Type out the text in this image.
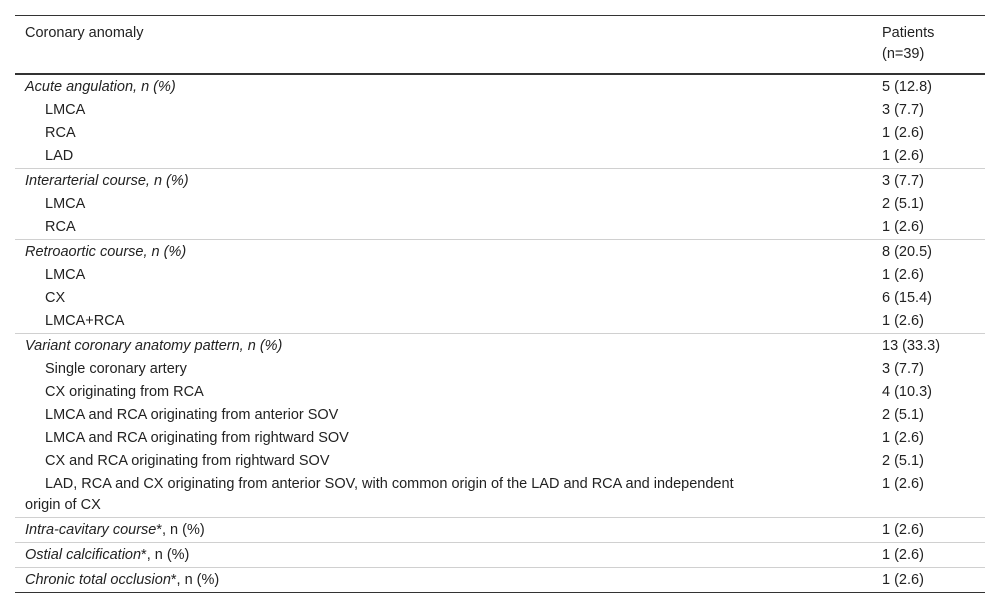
Coronary anomaly	Patients
(n=39)
Acute angulation, n (%)	5 (12.8)

LMCA	3 (7.7)

RCA	1 (2.6)

LAD	1 (2.6)
Interarterial course, n (%)	3 (7.7)

LMCA	2 (5.1)

RCA	1 (2.6)
Retroaortic course, n (%)	8 (20.5)

LMCA	1 (2.6)

CX	6 (15.4)

LMCA+RCA	1 (2.6)
Variant coronary anatomy pattern, n (%)	13 (33.3)

Single coronary artery	3 (7.7)

CX originating from RCA	4 (10.3)

LMCA and RCA originating from anterior SOV	2 (5.1)

LMCA and RCA originating from rightward SOV	1 (2.6)

CX and RCA originating from rightward SOV	2 (5.1)

LAD, RCA and CX originating from anterior SOV, with common origin of the LAD and RCA and independent
origin of CX	1 (2.6)
Intra-cavitary course*, n (%)	1 (2.6)
Ostial calcification*, n (%)	1 (2.6)
Chronic total occlusion*, n (%)	1 (2.6)
